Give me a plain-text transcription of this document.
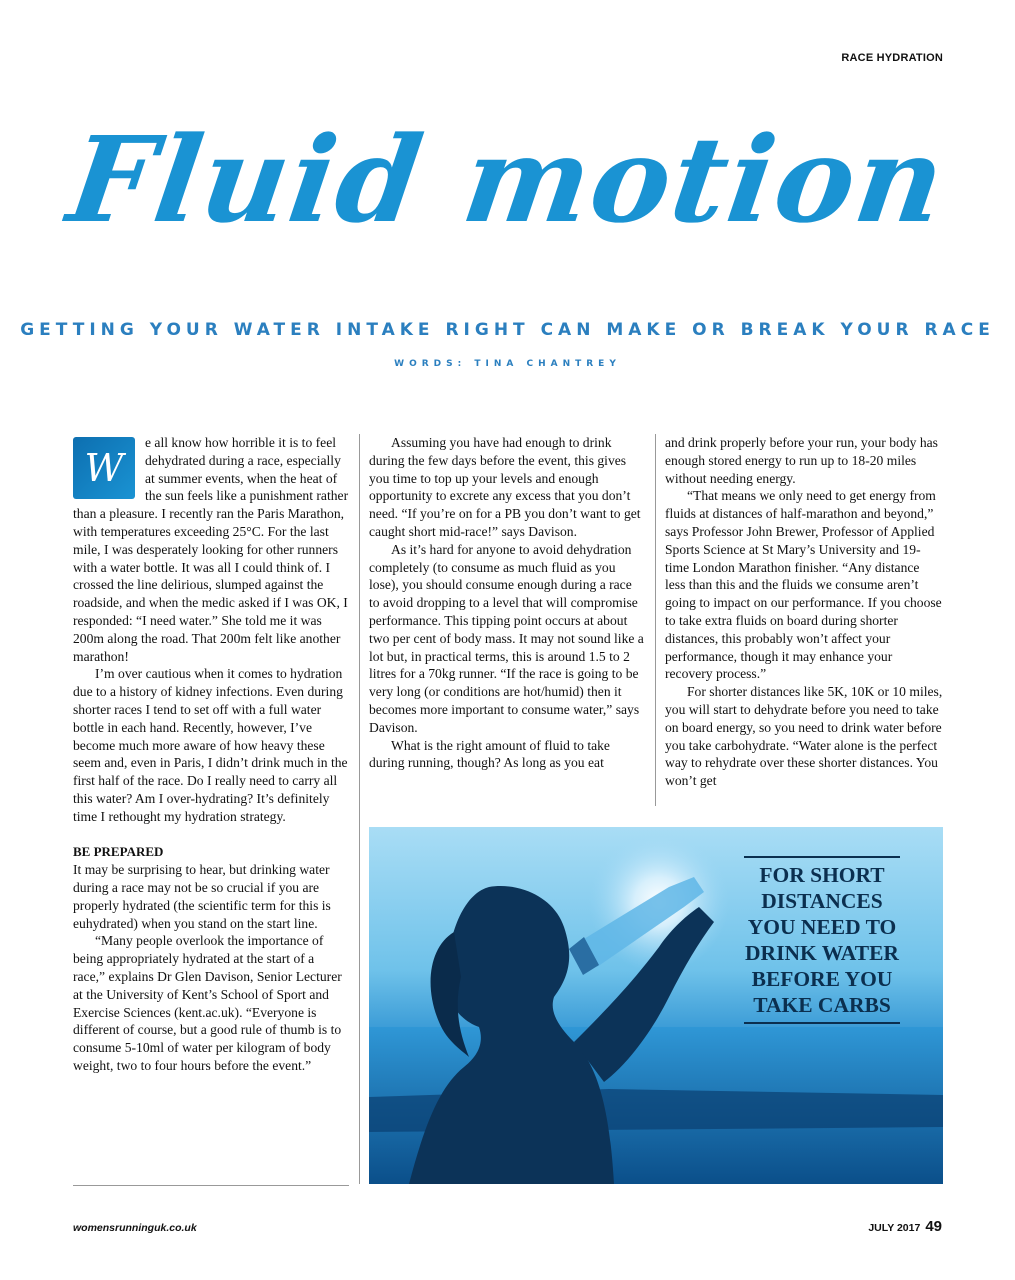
RACE HYDRATION
Fluid motion
GETTING YOUR WATER INTAKE RIGHT CAN MAKE OR BREAK YOUR RACE
WORDS: TINA CHANTREY
W

e all know how horrible it is to feel dehydrated during a race, especially at summer events, when the heat of the sun feels like a punishment rather than a pleasure. I recently ran the Paris Marathon, with temperatures exceeding 25°C. For the last mile, I was desperately looking for other runners with a water bottle. It was all I could think of. I crossed the line delirious, slumped against the roadside, and when the medic asked if I was OK, I responded: “I need water.” She told me it was 200m along the road. That 200m felt like another marathon!

I’m over cautious when it comes to hydration due to a history of kidney infections. Even during shorter races I tend to set off with a full water bottle in each hand. Recently, however, I’ve become much more aware of how heavy these seem and, even in Paris, I didn’t drink much in the first half of the race. Do I really need to carry all this water? Am I over-hydrating? It’s definitely time I rethought my hydration strategy.

BE PREPARED

It may be surprising to hear, but drinking water during a race may not be so crucial if you are properly hydrated (the scientific term for this is euhydrated) when you stand on the start line.

“Many people overlook the importance of being appropriately hydrated at the start of a race,” explains Dr Glen Davison, Senior Lecturer at the University of Kent’s School of Sport and Exercise Sciences (kent.ac.uk). “Everyone is different of course, but a good rule of thumb is to consume 5-10ml of water per kilogram of body weight, two to four hours before the event.”

Assuming you have had enough to drink during the few days before the event, this gives you time to top up your levels and enough opportunity to excrete any excess that you don’t need. “If you’re on for a PB you don’t want to get caught short mid-race!” says Davison.

As it’s hard for anyone to avoid dehydration completely (to consume as much fluid as you lose), you should consume enough during a race to avoid dropping to a level that will compromise performance. This tipping point occurs at about two per cent of body mass. It may not sound like a lot but, in practical terms, this is around 1.5 to 2 litres for a 70kg runner. “If the race is going to be very long (or conditions are hot/humid) then it becomes more important to consume water,” says Davison.

What is the right amount of fluid to take during running, though? As long as you eat

and drink properly before your run, your body has enough stored energy to run up to 18-20 miles without needing energy.

“That means we only need to get energy from fluids at distances of half-marathon and beyond,” says Professor John Brewer, Professor of Applied Sports Science at St Mary’s University and 19-time London Marathon finisher. “Any distance less than this and the fluids we consume aren’t going to impact on our performance. If you choose to take extra fluids on board during shorter distances, this probably won’t affect your performance, though it may enhance your recovery process.”

For shorter distances like 5K, 10K or 10 miles, you will start to dehydrate before you need to take on board energy, so you need to drink water before you take carbohydrate. “Water alone is the perfect way to rehydrate over these shorter distances. You won’t get

FOR SHORT DISTANCES YOU NEED TO DRINK WATER BEFORE YOU TAKE CARBS
womensrunninguk.co.uk	JULY 2017 49
